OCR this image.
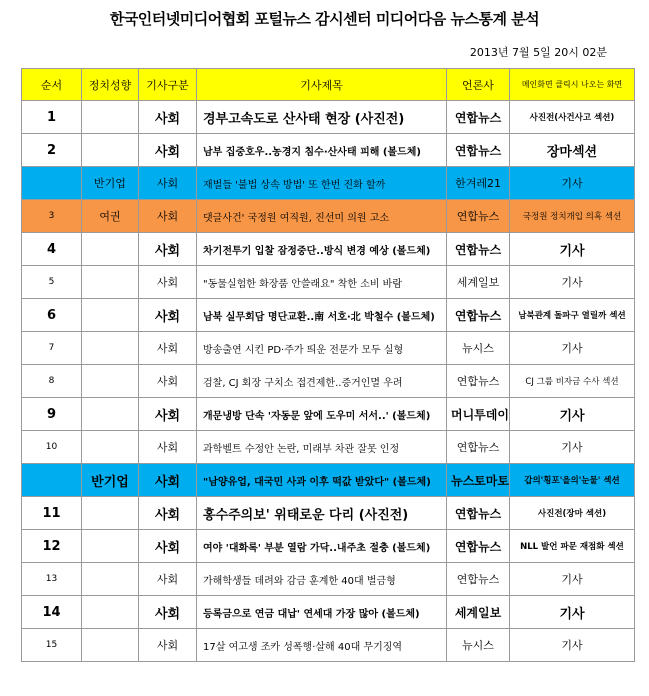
한국인터넷미디어협회 포털뉴스 감시센터 미디어다음 뉴스통계 분석
2013년 7월 5일 20시 02분
순서	정치성향	기사구분	기사제목	언론사	메인화면 클릭시 나오는 화면
1		사회	경부고속도로 산사태 현장 (사진전)	연합뉴스	사진전(사건사고 섹션)
2		사회	남부 집중호우..농경지 침수·산사태 피해 (볼드체)	연합뉴스	장마섹션
	반기업	사회	재벌들 '불법 상속 방법' 또 한번 진화 할까	한겨레21	기사
3	여권	사회	댓글사건' 국정원 여직원, 진선미 의원 고소	연합뉴스	국정원 정치개입 의혹 섹션
4		사회	차기전투기 입찰 잠정중단..방식 변경 예상 (볼드체)	연합뉴스	기사
5		사회	"동물실험한 화장품 안쓸래요" 착한 소비 바람	세계일보	기사
6		사회	남북 실무회담 명단교환..南 서호·北 박철수 (볼드체)	연합뉴스	남북관계 돌파구 열릴까 섹션
7		사회	방송출연 시킨 PD·주가 띄운 전문가 모두 실형	뉴시스	기사
8		사회	검찰, CJ 회장 구치소 접견제한..증거인멸 우려	연합뉴스	CJ 그룹 비자금 수사 섹션
9		사회	개문냉방 단속 '자동문 앞에 도우미 서서..' (볼드체)	머니투데이	기사
10		사회	과학벨트 수정안 논란, 미래부 차관 잘못 인정	연합뉴스	기사
	반기업	사회	"남양유업, 대국민 사과 이후 떡값 받았다" (볼드체)	뉴스토마토	갑의'횡포'을의'눈물' 섹션
11		사회	홍수주의보' 위태로운 다리 (사진전)	연합뉴스	사진전(장마 섹션)
12		사회	여야 '대화록' 부분 열람 가닥..내주초 절충 (볼드체)	연합뉴스	NLL 발언 파문 재점화 섹션
13		사회	가해학생들 데려와 감금 훈계한 40대 벌금형	연합뉴스	기사
14		사회	등록금으로 연금 대납' 연세대 가장 많아 (볼드체)	세계일보	기사
15		사회	17살 여고생 조카 성폭행·살해 40대 무기징역	뉴시스	기사
